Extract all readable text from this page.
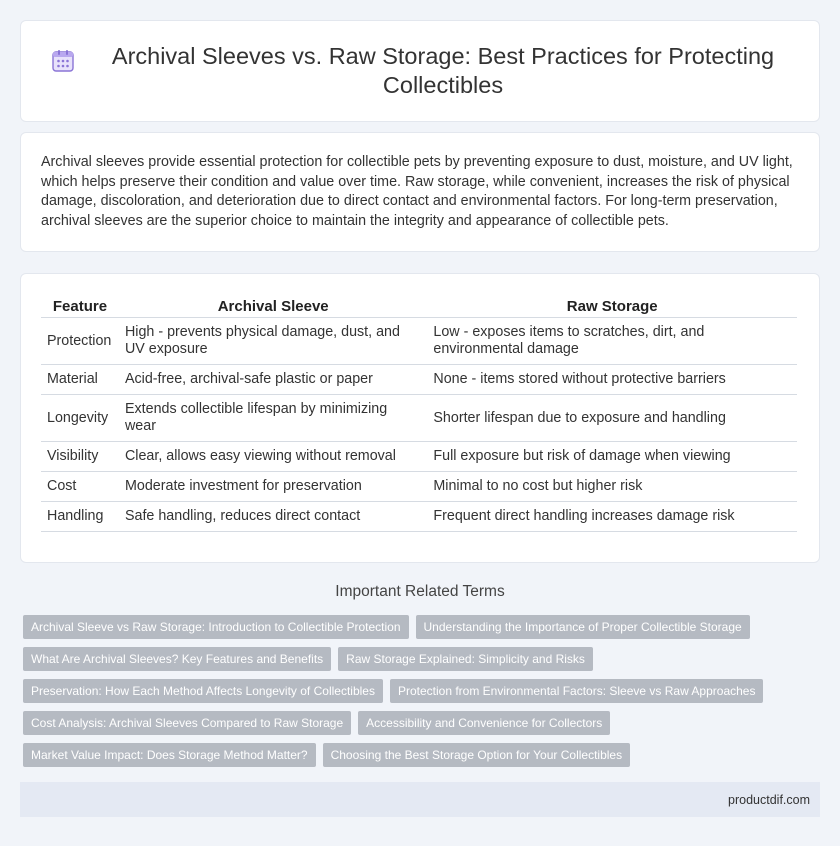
Archival Sleeves vs. Raw Storage: Best Practices for Protecting Collectibles

Archival sleeves provide essential protection for collectible pets by preventing exposure to dust, moisture, and UV light, which helps preserve their condition and value over time. Raw storage, while convenient, increases the risk of physical damage, discoloration, and deterioration due to direct contact and environmental factors. For long-term preservation, archival sleeves are the superior choice to maintain the integrity and appearance of collectible pets.

Feature	Archival Sleeve	Raw Storage
Protection	High - prevents physical damage, dust, and UV exposure	Low - exposes items to scratches, dirt, and environmental damage
Material	Acid-free, archival-safe plastic or paper	None - items stored without protective barriers
Longevity	Extends collectible lifespan by minimizing wear	Shorter lifespan due to exposure and handling
Visibility	Clear, allows easy viewing without removal	Full exposure but risk of damage when viewing
Cost	Moderate investment for preservation	Minimal to no cost but higher risk
Handling	Safe handling, reduces direct contact	Frequent direct handling increases damage risk
Important Related Terms
Archival Sleeve vs Raw Storage: Introduction to Collectible Protection	Understanding the Importance of Proper Collectible Storage
What Are Archival Sleeves? Key Features and Benefits	Raw Storage Explained: Simplicity and Risks
Preservation: How Each Method Affects Longevity of Collectibles	Protection from Environmental Factors: Sleeve vs Raw Approaches
Cost Analysis: Archival Sleeves Compared to Raw Storage	Accessibility and Convenience for Collectors
Market Value Impact: Does Storage Method Matter?	Choosing the Best Storage Option for Your Collectibles
productdif.com
